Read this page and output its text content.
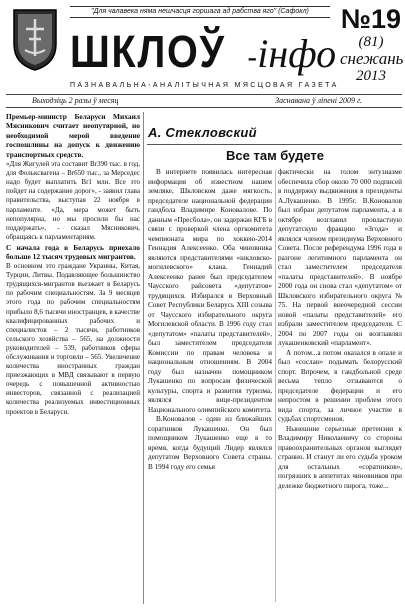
"Для чалавека няма нешчасця горшага ад рабства яго" (Сафокл)
ШКЛОЎ -інфо
№19
(81)
снежань
2013
ПАЗНАВАЛЬНА-АНАЛІТЫЧНАЯ МЯСЦОВАЯ ГАЗЕТА
Выходзіць 2 разы ў месяц	Заснавана ў ліпені 2009 г.
Премьер-министр Беларуси Михаил Мясникович считает неопутярной, но необходимой мерой введение госпошлины на допуск к движению транспортных средств.

«Для Жигулей эта составит Br390 тыс. в год, для Фольксвагена – Br650 тыс., за Мерседес надо будет выплатить Br1 млн. Все это пойдет на содержание дорог», - заявил глава правительства, выступая 22 ноября в парламенте. «Да, мера может быть непопулярна, но мы просили бы нас поддержать», - сказал Мясникович, обращаясь к парламентариям.

С начала года в Беларусь приехало больше 12 тысяч трудовых мигрантов.

В основном это граждане Украины, Китая, Турции, Литвы. Подавляющее большинство трудящихся-мигрантов въезжает в Беларусь по рабочим специальностям. За 9 месяцев этого года по рабочим специальностям прибыло 8,6 тысячи иностранцев, в качестве квалифицированных рабочих и специалистов – 2 тысячи, работников сельского хозяйства – 565, на должности руководителей – 539, работников сферы обслуживания и торговли – 565. Увеличение количества иностранных граждан приезжающих в МВД связывают в первую очередь с повышенной активностью инвесторов, связанной с реализацией количества реализуемых инвестиционных проектов в Беларуси.

А. Стекловский
Все там будете

В интернете появилась интересная информация об известном нашем земляке, Шкловском даже мягкость, председателе национальной федерации гандбола Владимире Коновалове. По данным «Пресбола», он задержан КГБ в связи с проверкой члена оргкомитета чемпионата мира по хоккею-2014 Геннадия Алексеенко. Оба чиновника являются представителями «шкловско-могилевского» клана. Геннадий Алексеенко ранее был председателем Чаусского райсовета «депутатов» трудящихся. Избирался в Верховный Совет Республики Беларусь XIII созыва от Чаусского избирательного округа Могилевской области. В 1996 году стал «депутатом» «палаты представителей», был заместителем председателя Комиссии по правам человека и национальным отношениям. В 2004 году был назначен помощником Лукашенко по вопросам физической культуры, спорта и развития туризма, являлся вице-президентом Национального олимпийского комитета.

В.Коновалов - один из ближайших соратников Лукашенко. Он был помощником Лукашенко еще в то время, когда будущий Лидер являлся депутатом Верховного Совета страны. В 1994 году его семья

фактически на голом энтузиазме обеспечила сбор около 70 000 подписей в поддержку выдвижения в президенты А.Лукашенко. В 1995г. В.Коновалов был избран депутатом парламента, а в октябре возглавил провластную депутатскую фракцию «Згода» и являлся членом президиума Верховного Совета. После референдума 1996 года в разгоне легитимного парламента он стал заместителем председателя «палаты представителей». В ноябре 2000 года он снова стал «депутатом» от Шкловского избирательного округа № 75. На первой внеочередной сессии новой «палаты представителей» его избрали заместителем председателя. С 2004 по 2007 годы он возглавлял лукашенковский «парламент».

А потом...а потом оказался в опале и был «сослан» подымать белорусский спорт. Впрочем, в гандбольной среде весьма тепло отзываются о председателе федерации и его непростом в решении проблем этого вида спорта, за личное участие в судьбах спортсменов.

Нынешние серьезные претензии к Владимиру Николаевичу со стороны правоохранительных органов выглядят странно. И станут ли его судьба уроком для остальных «соратников», погрязших в аппетитах чиновников при дележке бюджетного пирога, тоже...
